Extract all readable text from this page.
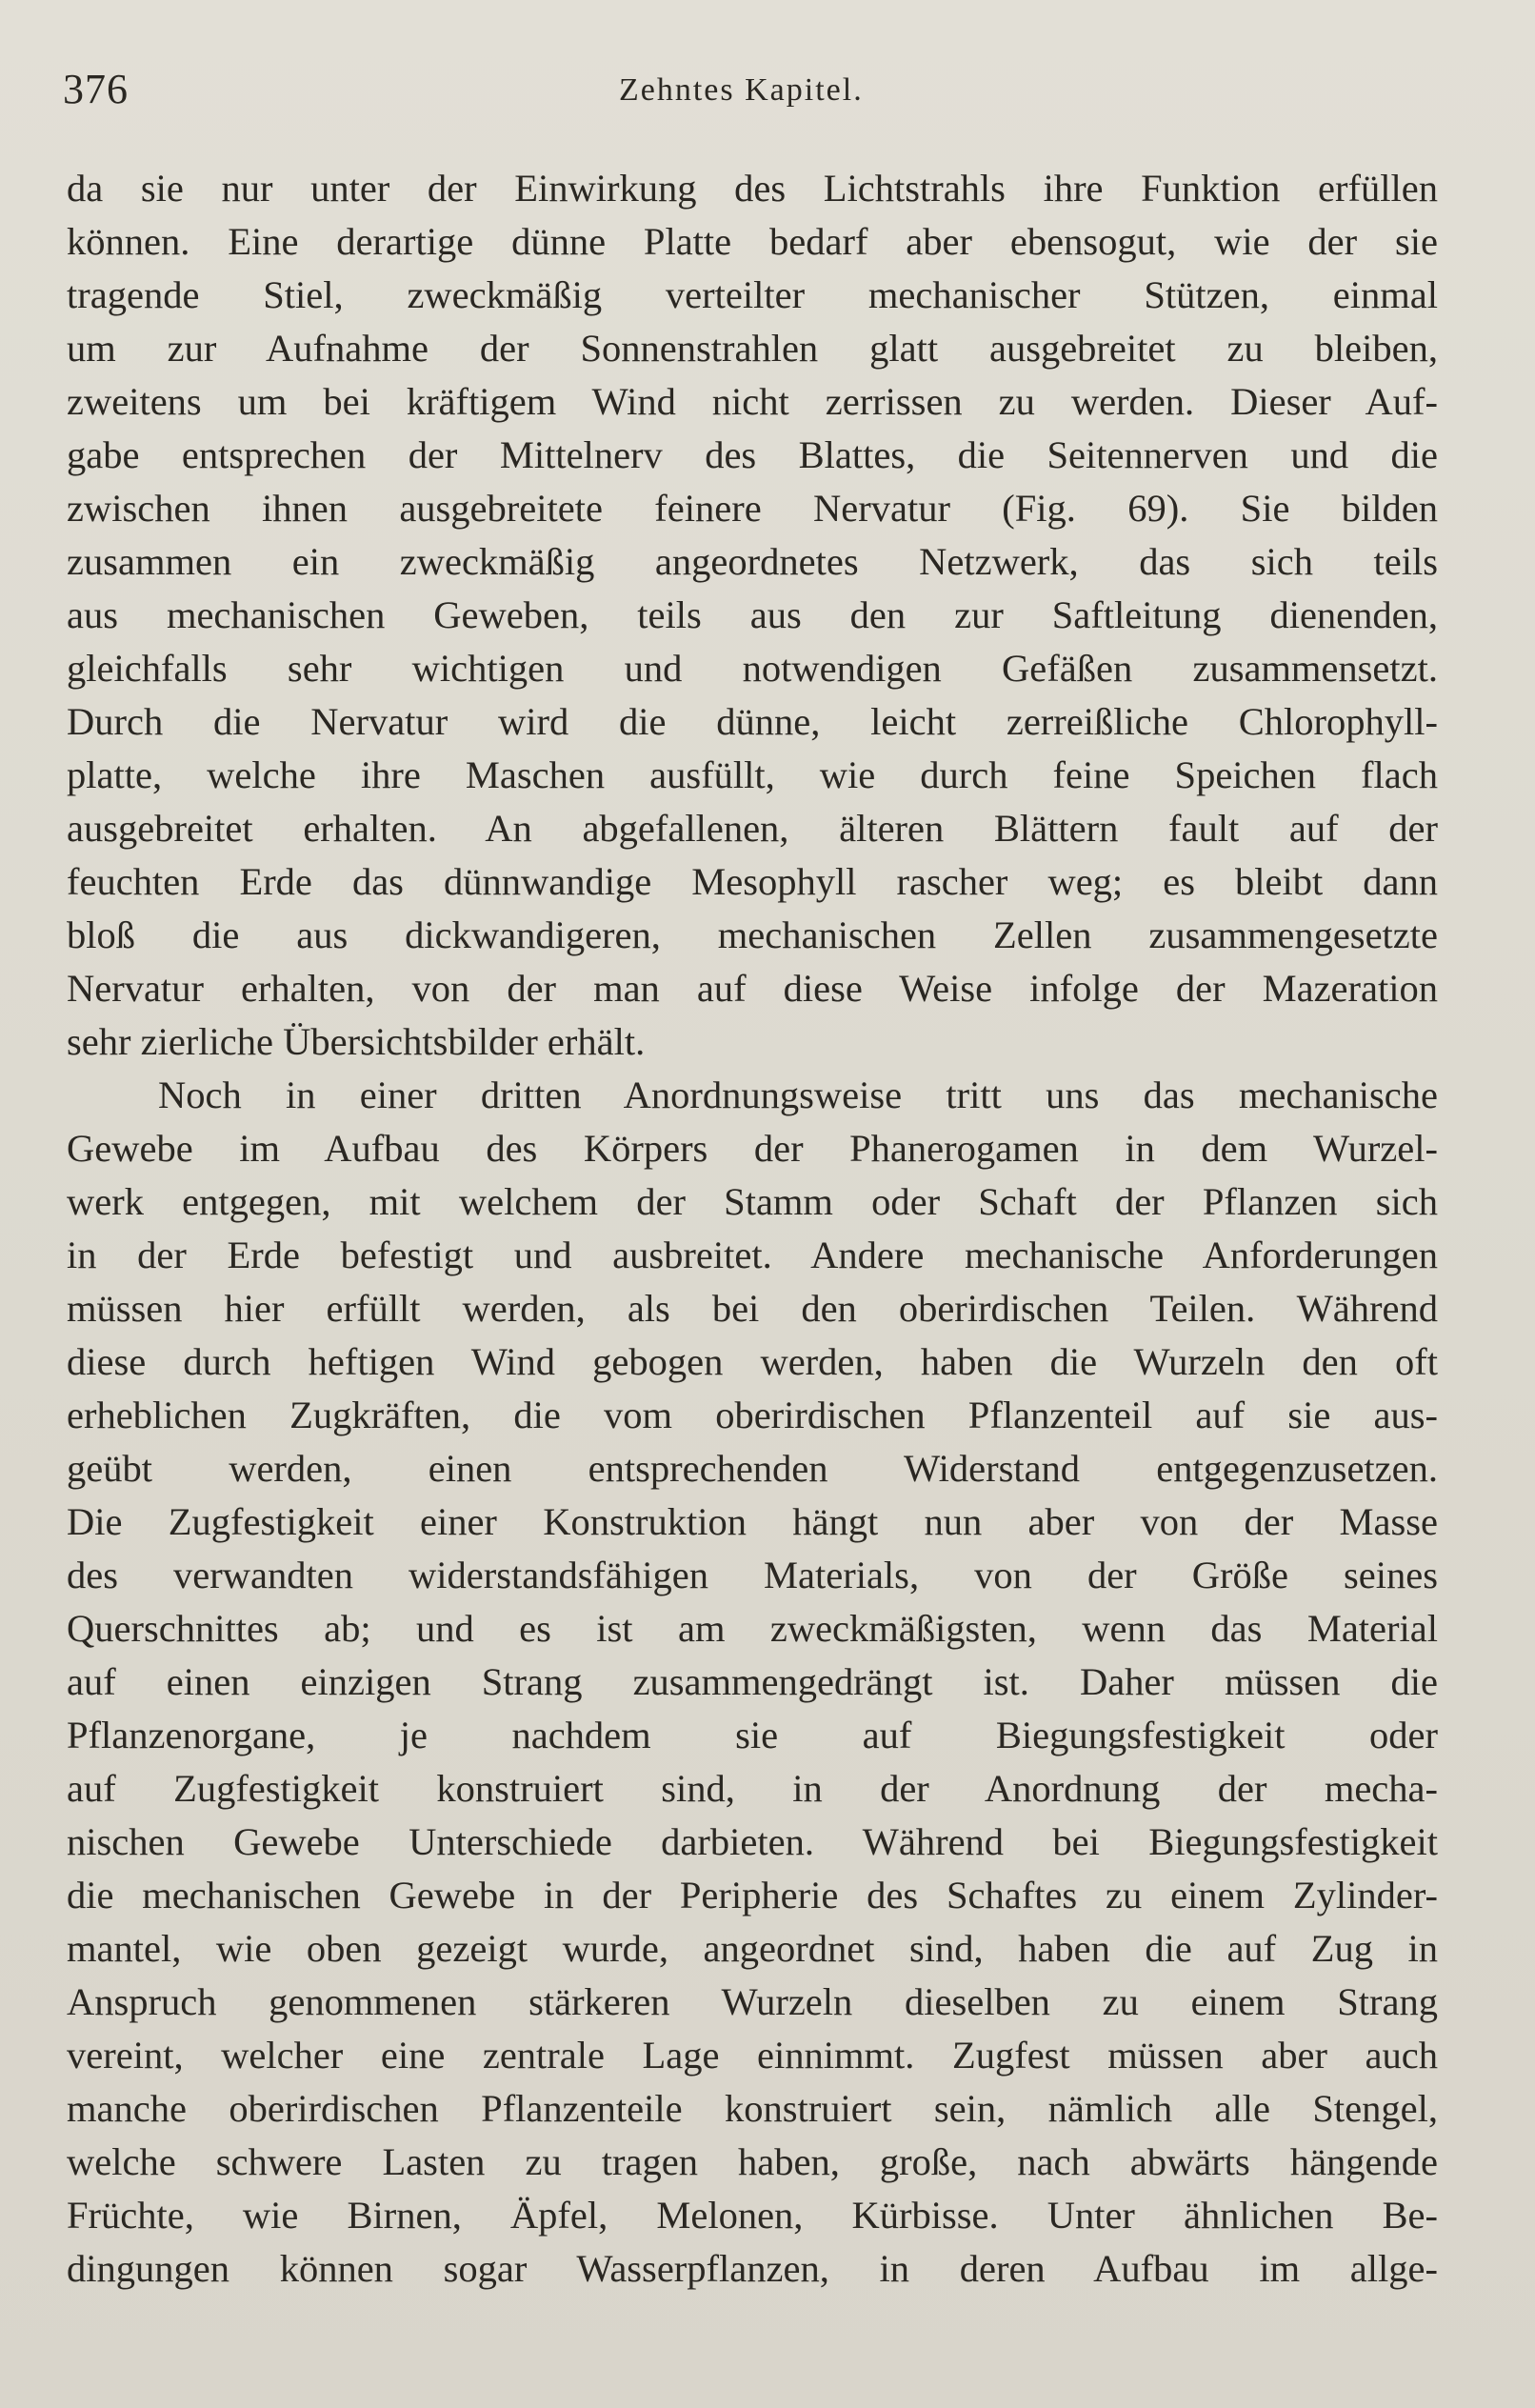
376	Zehntes Kapitel.
da sie nur unter der Einwirkung des Lichtstrahls ihre Funktion erfüllen
können. Eine derartige dünne Platte bedarf aber ebensogut, wie der sie
tragende Stiel, zweckmäßig verteilter mechanischer Stützen, einmal
um zur Aufnahme der Sonnenstrahlen glatt ausgebreitet zu bleiben,
zweitens um bei kräftigem Wind nicht zerrissen zu werden. Dieser Auf-
gabe entsprechen der Mittelnerv des Blattes, die Seitennerven und die
zwischen ihnen ausgebreitete feinere Nervatur (Fig. 69). Sie bilden
zusammen ein zweckmäßig angeordnetes Netzwerk, das sich teils
aus mechanischen Geweben, teils aus den zur Saftleitung dienenden,
gleichfalls sehr wichtigen und notwendigen Gefäßen zusammensetzt.
Durch die Nervatur wird die dünne, leicht zerreißliche Chlorophyll-
platte, welche ihre Maschen ausfüllt, wie durch feine Speichen flach
ausgebreitet erhalten. An abgefallenen, älteren Blättern fault auf der
feuchten Erde das dünnwandige Mesophyll rascher weg; es bleibt dann
bloß die aus dickwandigeren, mechanischen Zellen zusammengesetzte
Nervatur erhalten, von der man auf diese Weise infolge der Mazeration
sehr zierliche Übersichtsbilder erhält.
Noch in einer dritten Anordnungsweise tritt uns das mechanische
Gewebe im Aufbau des Körpers der Phanerogamen in dem Wurzel-
werk entgegen, mit welchem der Stamm oder Schaft der Pflanzen sich
in der Erde befestigt und ausbreitet. Andere mechanische Anforderungen
müssen hier erfüllt werden, als bei den oberirdischen Teilen. Während
diese durch heftigen Wind gebogen werden, haben die Wurzeln den oft
erheblichen Zugkräften, die vom oberirdischen Pflanzenteil auf sie aus-
geübt werden, einen entsprechenden Widerstand entgegenzusetzen.
Die Zugfestigkeit einer Konstruktion hängt nun aber von der Masse
des verwandten widerstandsfähigen Materials, von der Größe seines
Querschnittes ab; und es ist am zweckmäßigsten, wenn das Material
auf einen einzigen Strang zusammengedrängt ist. Daher müssen die
Pflanzenorgane, je nachdem sie auf Biegungsfestigkeit oder
auf Zugfestigkeit konstruiert sind, in der Anordnung der mecha-
nischen Gewebe Unterschiede darbieten. Während bei Biegungsfestigkeit
die mechanischen Gewebe in der Peripherie des Schaftes zu einem Zylinder-
mantel, wie oben gezeigt wurde, angeordnet sind, haben die auf Zug in
Anspruch genommenen stärkeren Wurzeln dieselben zu einem Strang
vereint, welcher eine zentrale Lage einnimmt. Zugfest müssen aber auch
manche oberirdischen Pflanzenteile konstruiert sein, nämlich alle Stengel,
welche schwere Lasten zu tragen haben, große, nach abwärts hängende
Früchte, wie Birnen, Äpfel, Melonen, Kürbisse. Unter ähnlichen Be-
dingungen können sogar Wasserpflanzen, in deren Aufbau im allge-
